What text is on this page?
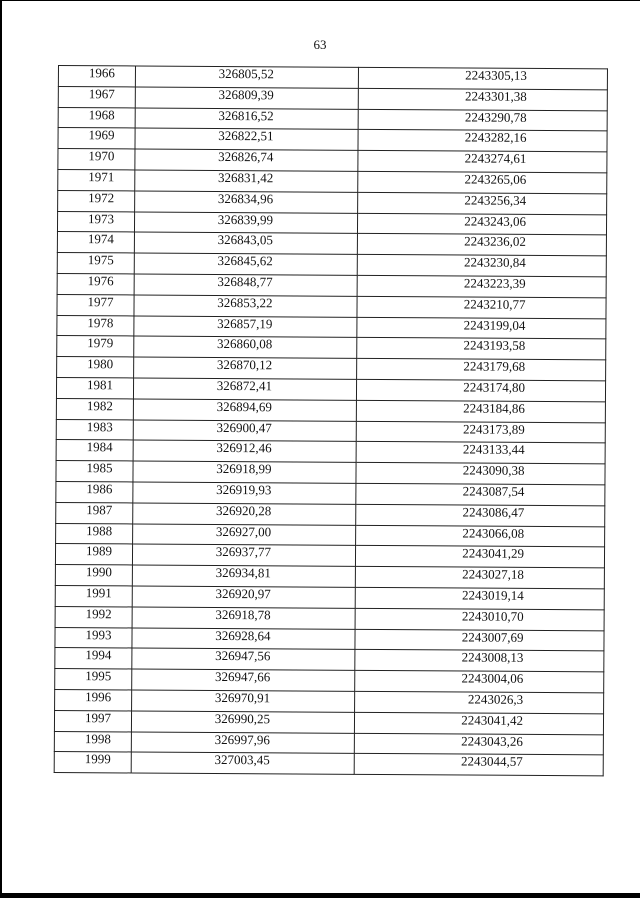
63
1966	326805,52	2243305,13
1967	326809,39	2243301,38
1968	326816,52	2243290,78
1969	326822,51	2243282,16
1970	326826,74	2243274,61
1971	326831,42	2243265,06
1972	326834,96	2243256,34
1973	326839,99	2243243,06
1974	326843,05	2243236,02
1975	326845,62	2243230,84
1976	326848,77	2243223,39
1977	326853,22	2243210,77
1978	326857,19	2243199,04
1979	326860,08	2243193,58
1980	326870,12	2243179,68
1981	326872,41	2243174,80
1982	326894,69	2243184,86
1983	326900,47	2243173,89
1984	326912,46	2243133,44
1985	326918,99	2243090,38
1986	326919,93	2243087,54
1987	326920,28	2243086,47
1988	326927,00	2243066,08
1989	326937,77	2243041,29
1990	326934,81	2243027,18
1991	326920,97	2243019,14
1992	326918,78	2243010,70
1993	326928,64	2243007,69
1994	326947,56	2243008,13
1995	326947,66	2243004,06
1996	326970,91	2243026,3
1997	326990,25	2243041,42
1998	326997,96	2243043,26
1999	327003,45	2243044,57
